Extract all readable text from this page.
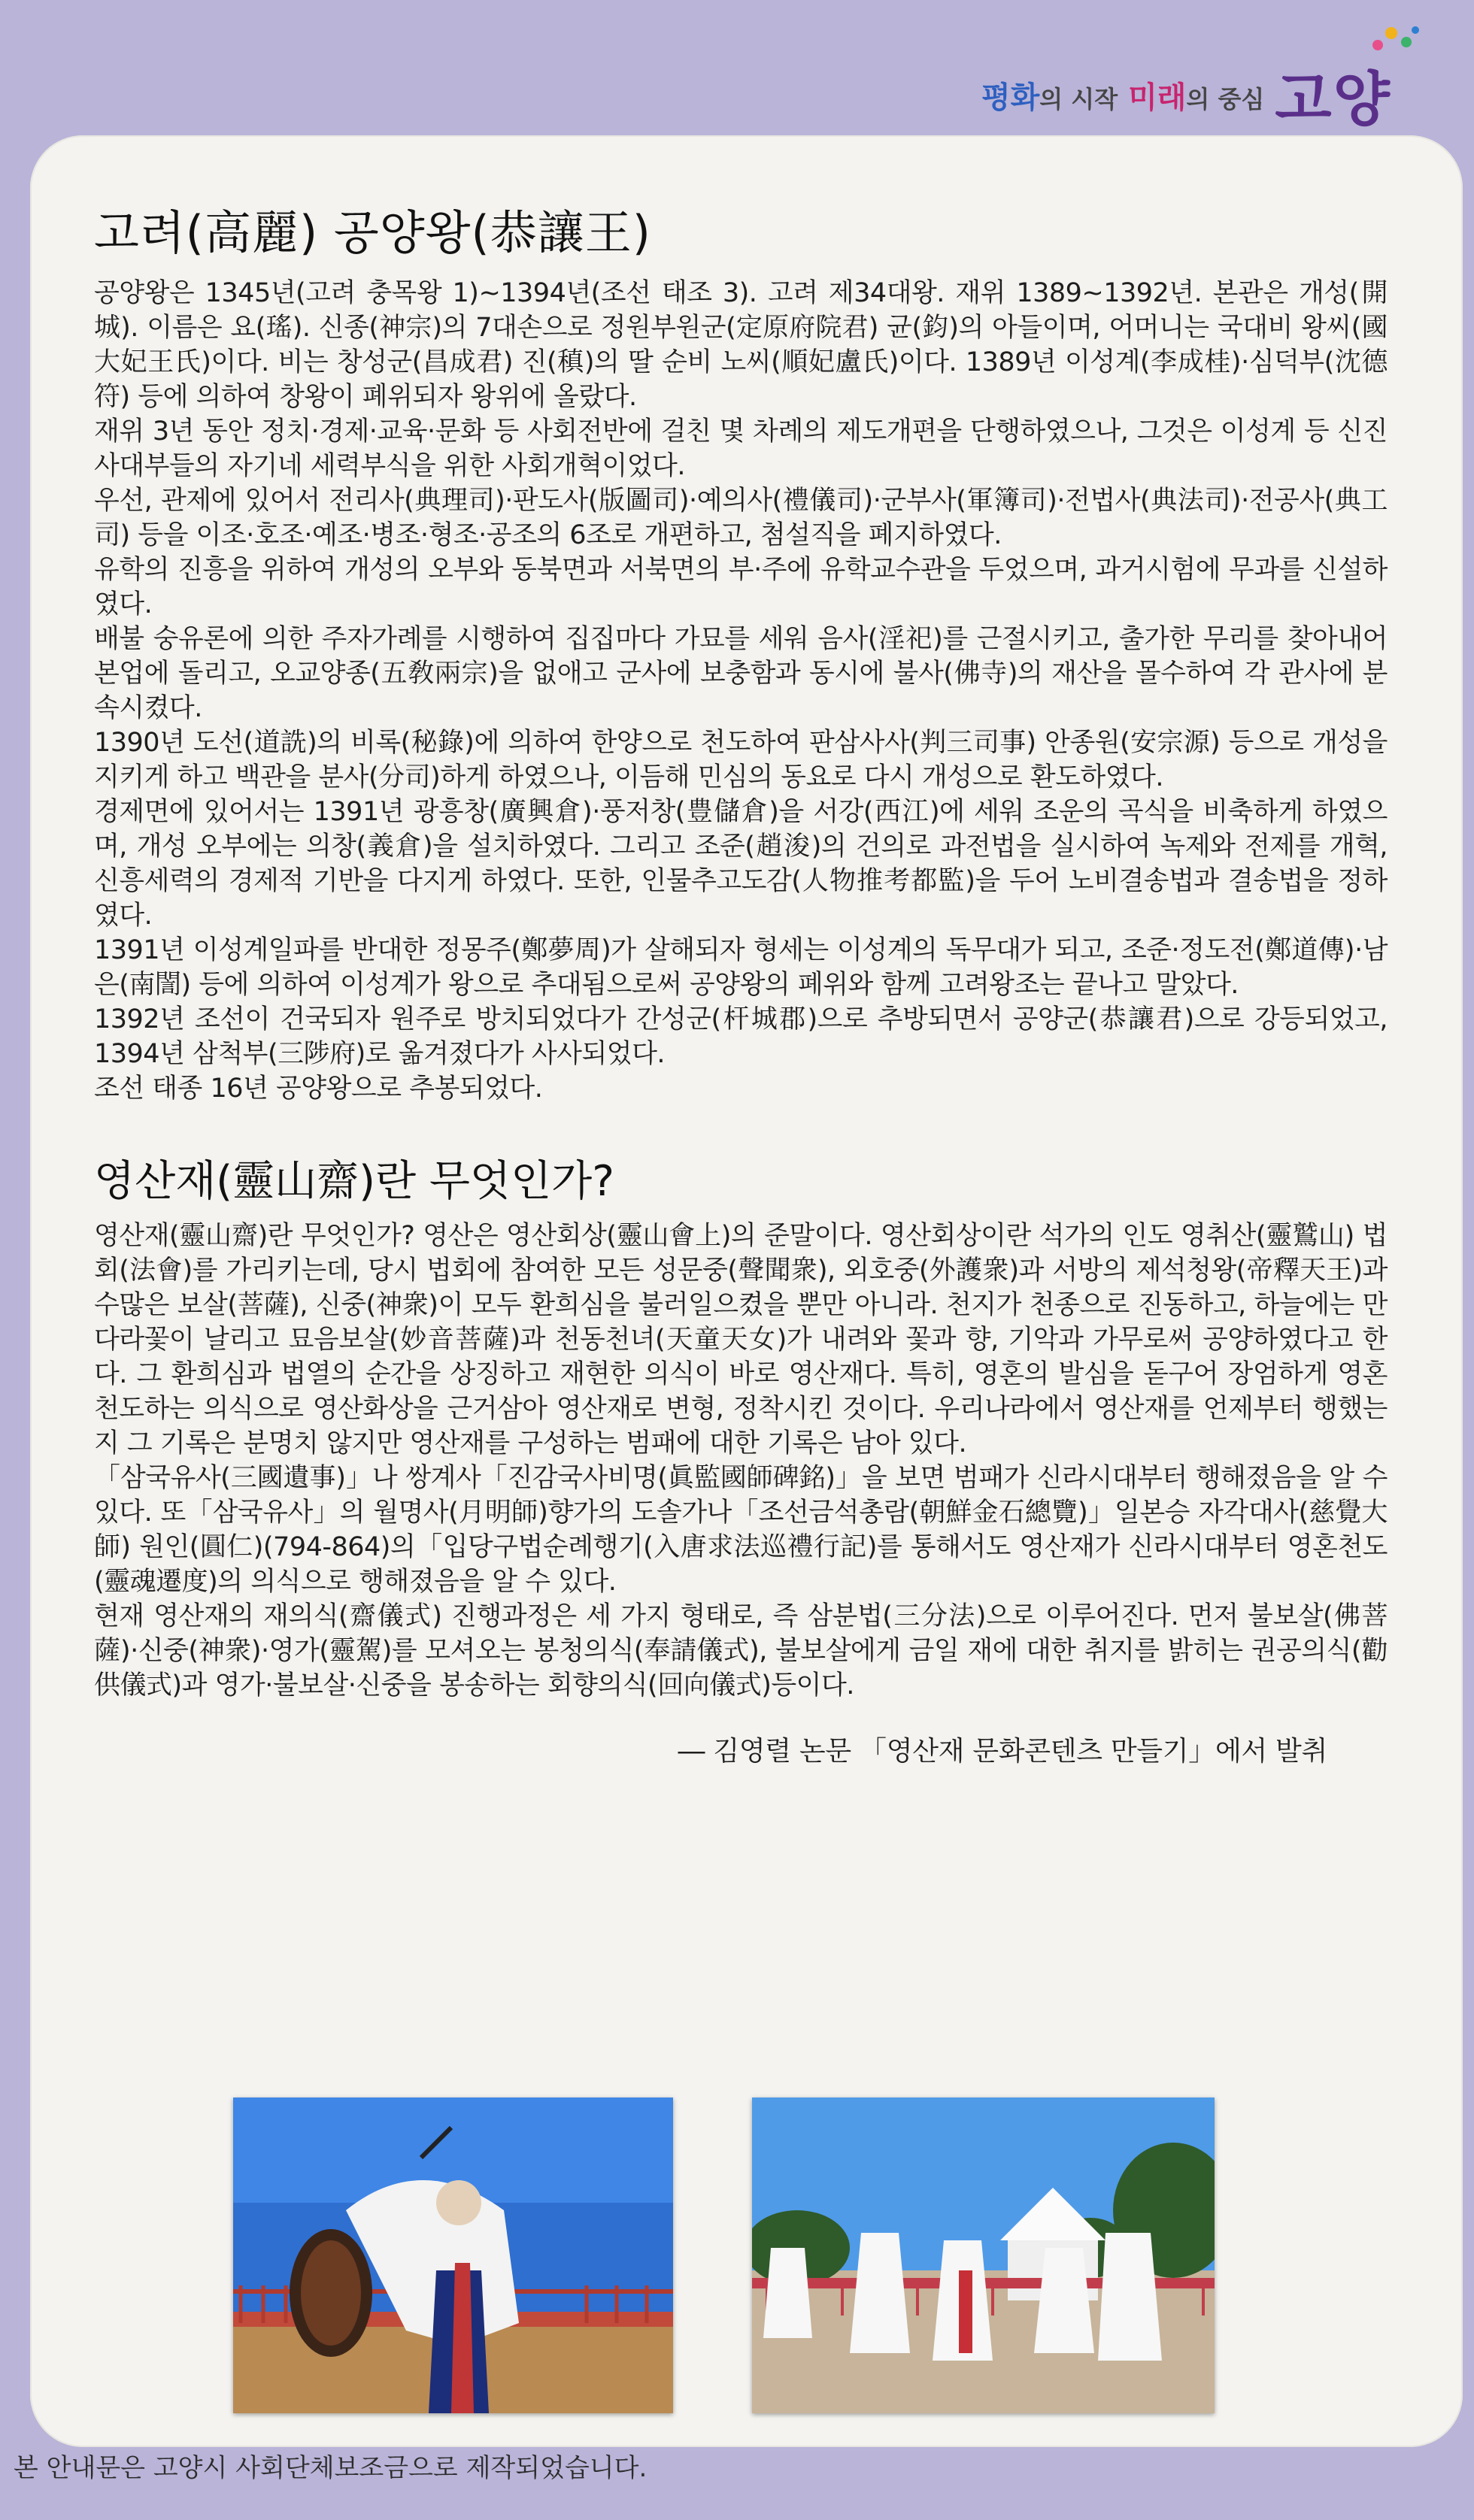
평화의 시작 미래의 중심 고양
고려(高麗) 공양왕(恭讓王)

공양왕은 1345년(고려 충목왕 1)~1394년(조선 태조 3). 고려 제34대왕. 재위 1389~1392년. 본관은 개성(開城). 이름은 요(瑤). 신종(神宗)의 7대손으로 정원부원군(定原府院君) 균(鈞)의 아들이며, 어머니는 국대비 왕씨(國大妃王氏)이다. 비는 창성군(昌成君) 진(稹)의 딸 순비 노씨(順妃盧氏)이다. 1389년 이성계(李成桂)·심덕부(沈德符) 등에 의하여 창왕이 폐위되자 왕위에 올랐다.

재위 3년 동안 정치·경제·교육·문화 등 사회전반에 걸친 몇 차례의 제도개편을 단행하였으나, 그것은 이성계 등 신진사대부들의 자기네 세력부식을 위한 사회개혁이었다.

우선, 관제에 있어서 전리사(典理司)·판도사(版圖司)·예의사(禮儀司)·군부사(軍簿司)·전법사(典法司)·전공사(典工司) 등을 이조·호조·예조·병조·형조·공조의 6조로 개편하고, 첨설직을 폐지하였다.

유학의 진흥을 위하여 개성의 오부와 동북면과 서북면의 부·주에 유학교수관을 두었으며, 과거시험에 무과를 신설하였다.

배불 숭유론에 의한 주자가례를 시행하여 집집마다 가묘를 세워 음사(淫祀)를 근절시키고, 출가한 무리를 찾아내어 본업에 돌리고, 오교양종(五敎兩宗)을 없애고 군사에 보충함과 동시에 불사(佛寺)의 재산을 몰수하여 각 관사에 분속시켰다.

1390년 도선(道詵)의 비록(秘錄)에 의하여 한양으로 천도하여 판삼사사(判三司事) 안종원(安宗源) 등으로 개성을 지키게 하고 백관을 분사(分司)하게 하였으나, 이듬해 민심의 동요로 다시 개성으로 환도하였다.

경제면에 있어서는 1391년 광흥창(廣興倉)·풍저창(豊儲倉)을 서강(西江)에 세워 조운의 곡식을 비축하게 하였으며, 개성 오부에는 의창(義倉)을 설치하였다. 그리고 조준(趙浚)의 건의로 과전법을 실시하여 녹제와 전제를 개혁, 신흥세력의 경제적 기반을 다지게 하였다. 또한, 인물추고도감(人物推考都監)을 두어 노비결송법과 결송법을 정하였다.

1391년 이성계일파를 반대한 정몽주(鄭夢周)가 살해되자 형세는 이성계의 독무대가 되고, 조준·정도전(鄭道傳)·남은(南誾) 등에 의하여 이성계가 왕으로 추대됨으로써 공양왕의 폐위와 함께 고려왕조는 끝나고 말았다.

1392년 조선이 건국되자 원주로 방치되었다가 간성군(杆城郡)으로 추방되면서 공양군(恭讓君)으로 강등되었고, 1394년 삼척부(三陟府)로 옮겨졌다가 사사되었다.

조선 태종 16년 공양왕으로 추봉되었다.

영산재(靈山齋)란 무엇인가?

영산재(靈山齋)란 무엇인가? 영산은 영산회상(靈山會上)의 준말이다. 영산회상이란 석가의 인도 영취산(靈鷲山) 법회(法會)를 가리키는데, 당시 법회에 참여한 모든 성문중(聲聞衆), 외호중(外護衆)과 서방의 제석청왕(帝釋天王)과 수많은 보살(菩薩), 신중(神衆)이 모두 환희심을 불러일으켰을 뿐만 아니라. 천지가 천종으로 진동하고, 하늘에는 만다라꽃이 날리고 묘음보살(妙音菩薩)과 천동천녀(天童天女)가 내려와 꽃과 향, 기악과 가무로써 공양하였다고 한다. 그 환희심과 법열의 순간을 상징하고 재현한 의식이 바로 영산재다. 특히, 영혼의 발심을 돋구어 장엄하게 영혼천도하는 의식으로 영산화상을 근거삼아 영산재로 변형, 정착시킨 것이다. 우리나라에서 영산재를 언제부터 행했는지 그 기록은 분명치 않지만 영산재를 구성하는 범패에 대한 기록은 남아 있다.

「삼국유사(三國遺事)」나 쌍계사「진감국사비명(眞監國師碑銘)」을 보면 범패가 신라시대부터 행해졌음을 알 수 있다. 또「삼국유사」의 월명사(月明師)향가의 도솔가나「조선금석총람(朝鮮金石總覽)」일본승 자각대사(慈覺大師) 원인(圓仁)(794-864)의「입당구법순례행기(入唐求法巡禮行記)를 통해서도 영산재가 신라시대부터 영혼천도(靈魂遷度)의 의식으로 행해졌음을 알 수 있다.

현재 영산재의 재의식(齋儀式) 진행과정은 세 가지 형태로, 즉 삼분법(三分法)으로 이루어진다. 먼저 불보살(佛菩薩)·신중(神衆)·영가(靈駕)를 모셔오는 봉청의식(奉請儀式), 불보살에게 금일 재에 대한 취지를 밝히는 권공의식(勸供儀式)과 영가·불보살·신중을 봉송하는 회향의식(回向儀式)등이다.

― 김영렬 논문 「영산재 문화콘텐츠 만들기」에서 발취
본 안내문은 고양시 사회단체보조금으로 제작되었습니다.
